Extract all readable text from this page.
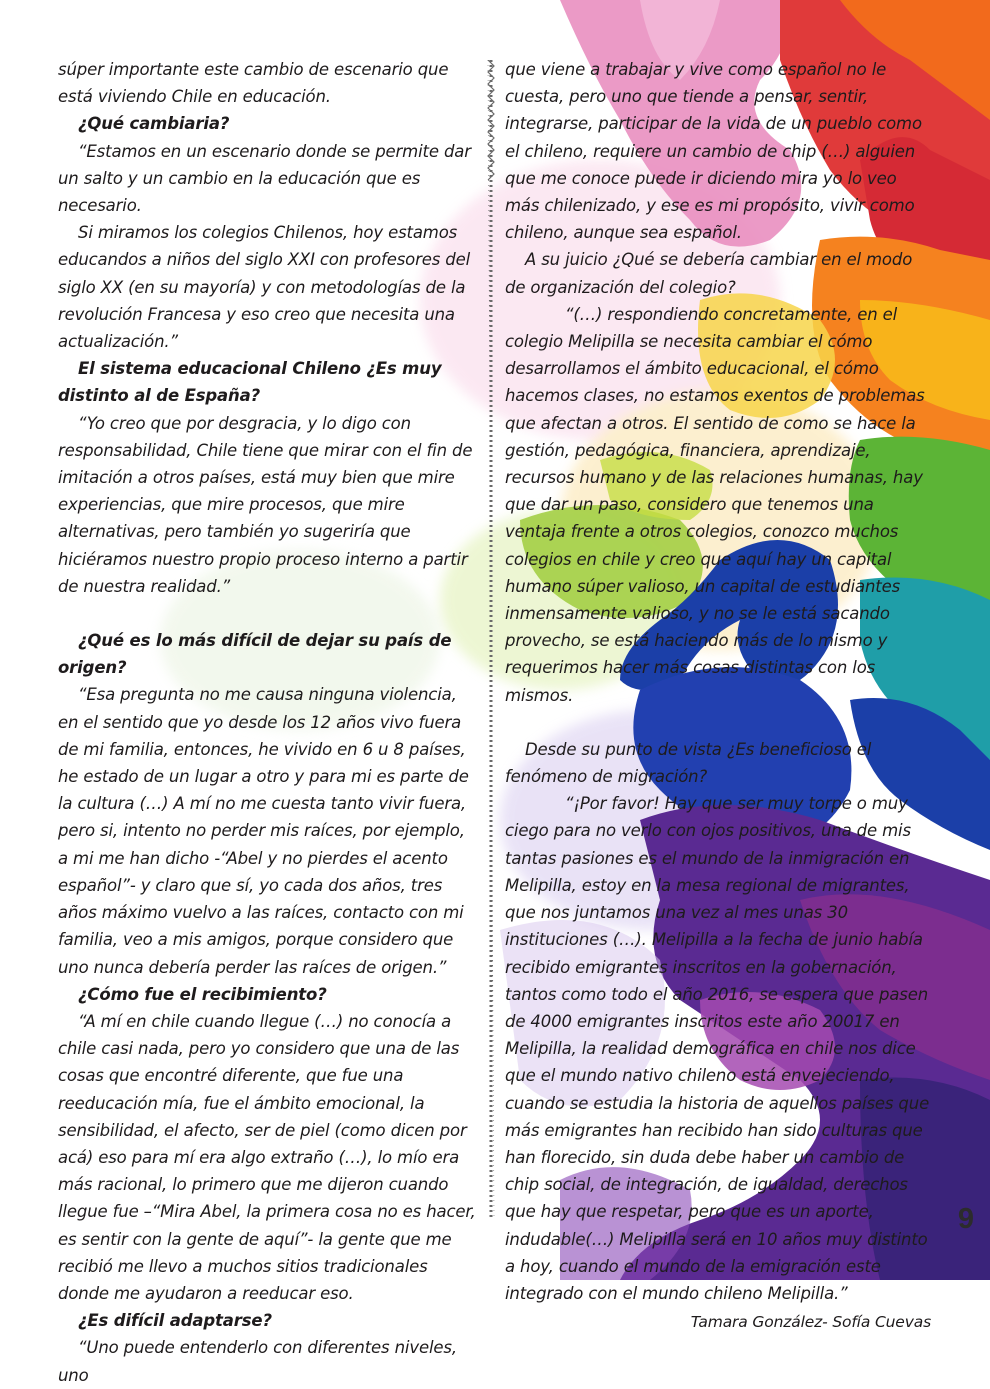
súper importante este cambio de escenario que está viviendo Chile en educación.

¿Qué cambiaria?

“Estamos en un escenario donde se permite dar un salto y un cambio en la educación que es necesario.

Si miramos los colegios Chilenos, hoy estamos educandos a niños del siglo XXI con profesores del siglo XX (en su mayoría) y con metodologías de la revolución Francesa y eso creo que necesita una actualización.”

El sistema educacional Chileno ¿Es muy distinto al de España?

“Yo creo que por desgracia, y lo digo con responsabilidad, Chile tiene que mirar con el fin de imitación a otros países, está muy bien que mire experiencias, que mire procesos, que mire alternativas, pero también yo sugeriría que hiciéramos nuestro propio proceso interno a partir de nuestra realidad.”

¿Qué es lo más difícil de dejar su país de origen?

“Esa pregunta no me causa ninguna violencia, en el sentido que yo desde los 12 años vivo fuera de mi familia, entonces, he vivido en 6 u 8 países, he estado de un lugar a otro y para mi es parte de la cultura (…) A mí no me cuesta tanto vivir fuera, pero si, intento no perder mis raíces, por ejemplo, a mi me han dicho -“Abel y no pierdes el acento español”- y claro que sí, yo cada dos años, tres años máximo vuelvo a las raíces, contacto con mi familia, veo a mis amigos, porque considero que uno nunca debería perder las raíces de origen.”

¿Cómo fue el recibimiento?

“A mí en chile cuando llegue (…) no conocía a chile casi nada, pero yo considero que una de las cosas que encontré diferente, que fue una reeducación mía, fue el ámbito emocional, la sensibilidad, el afecto, ser de piel (como dicen por acá) eso para mí era algo extraño (…), lo mío era más racional, lo primero que me dijeron cuando llegue fue –“Mira Abel, la primera cosa no es hacer, es sentir con la gente de aquí”- la gente que me recibió me llevo a muchos sitios tradicionales donde me ayudaron a reeducar eso.

¿Es difícil adaptarse?

“Uno puede entenderlo con diferentes niveles, uno

que viene a trabajar y vive como español no le cuesta, pero uno que tiende a pensar, sentir, integrarse, participar de la vida de un pueblo como el chileno, requiere un cambio de chip (…) alguien que me conoce puede ir diciendo mira yo lo veo más chilenizado, y ese es mi propósito, vivir como chileno, aunque sea español.

A su juicio ¿Qué se debería cambiar en el modo de organización del colegio?

“(…) respondiendo concretamente, en el colegio Melipilla se necesita cambiar el cómo desarrollamos el ámbito educacional, el cómo hacemos clases, no estamos exentos de problemas que afectan a otros. El sentido de como se hace la gestión, pedagógica, financiera, aprendizaje, recursos humano y de las relaciones humanas, hay que dar un paso, considero que tenemos una ventaja frente a otros colegios, conozco muchos colegios en chile y creo que aquí hay un capital humano súper valioso, un capital de estudiantes inmensamente valioso, y no se le está sacando provecho, se está haciendo más de lo mismo y requerimos hacer más cosas distintas con los mismos.

Desde su punto de vista ¿Es beneficioso el fenómeno de migración?

“¡Por favor! Hay que ser muy torpe o muy ciego para no verlo con ojos positivos, una de mis tantas pasiones es el mundo de la inmigración en Melipilla, estoy en la mesa regional de migrantes, que nos juntamos una vez al mes unas 30 instituciones (…). Melipilla a la fecha de junio había recibido emigrantes inscritos en la gobernación, tantos como todo el año 2016, se espera que pasen de 4000 emigrantes inscritos este año 20017 en Melipilla, la realidad demográfica en chile nos dice que el mundo nativo chileno está envejeciendo, cuando se estudia la historia de aquellos países que más emigrantes han recibido han sido culturas que han florecido, sin duda debe haber un cambio de chip social, de integración, de igualdad, derechos que hay que respetar, pero que es un aporte, indudable(…) Melipilla será en 10 años muy distinto a hoy, cuando el mundo de la emigración este integrado con el mundo chileno Melipilla.”

Tamara González- Sofía Cuevas

9
